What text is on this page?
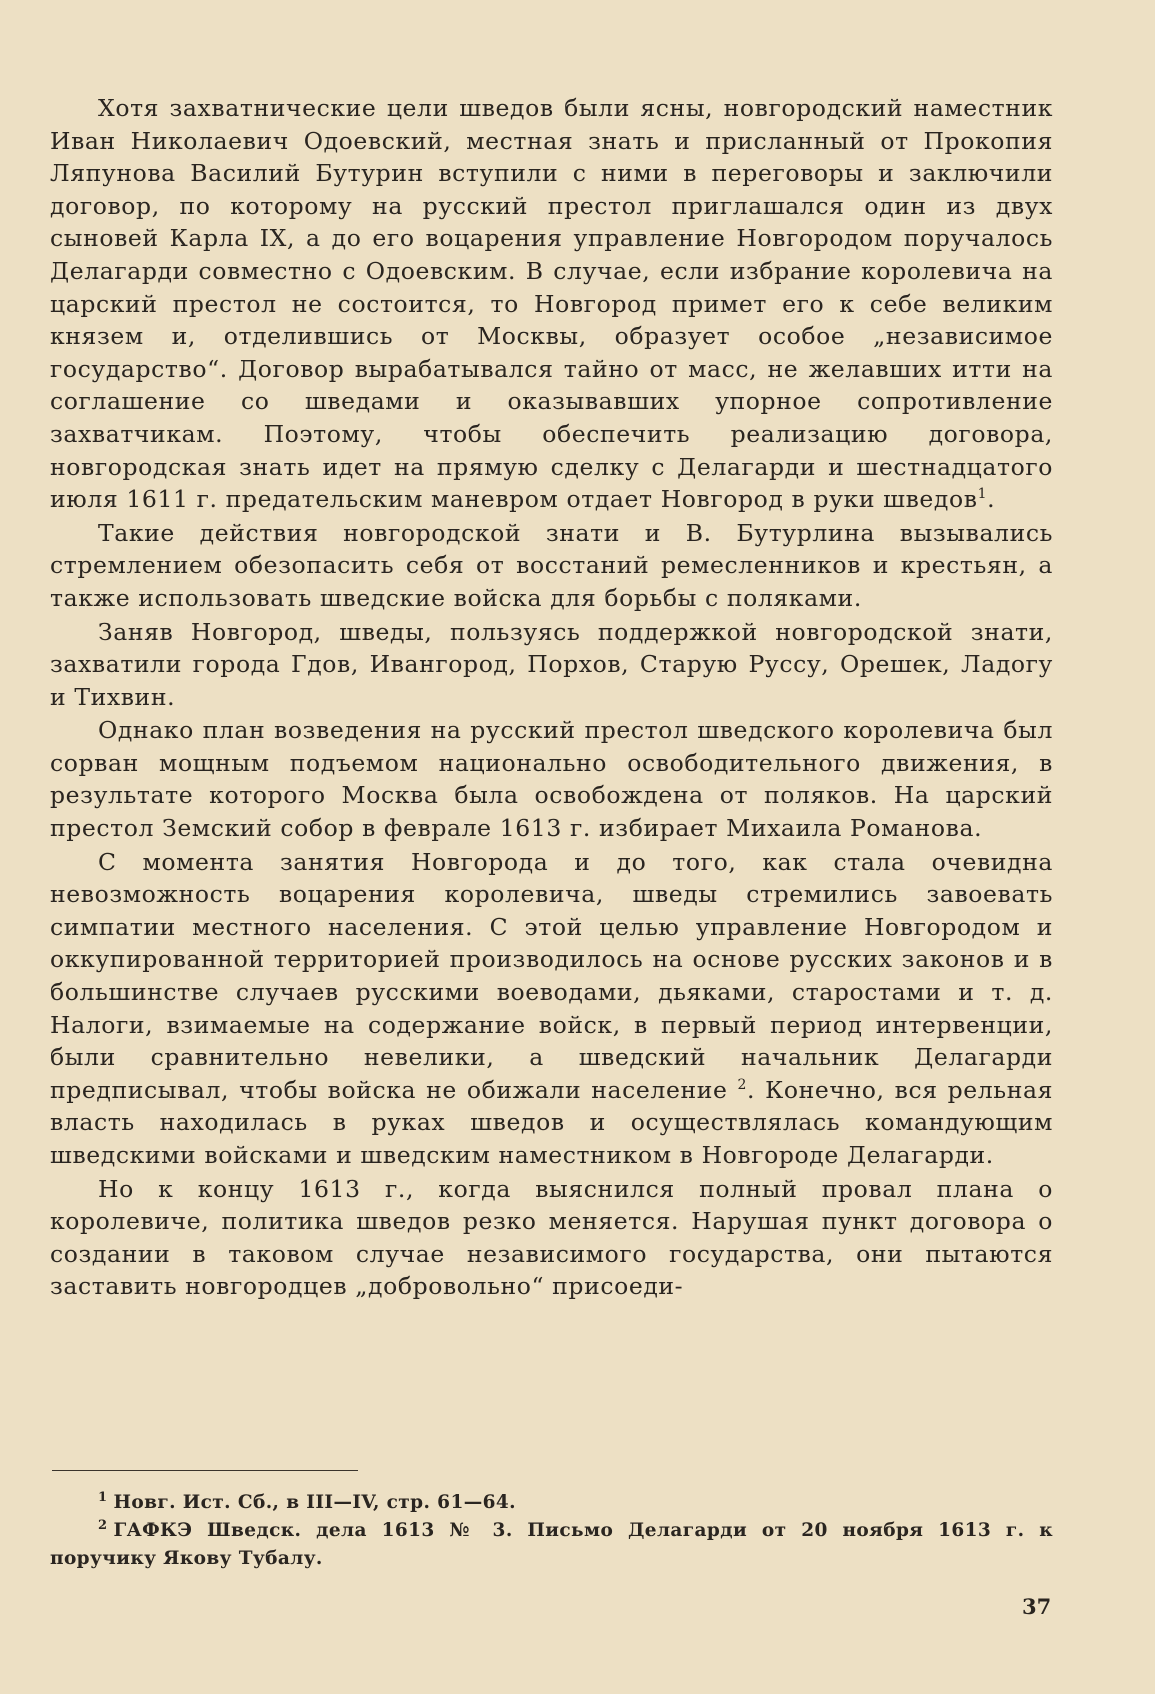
Хотя захватнические цели шведов были ясны, новгородский наместник Иван Николаевич Одоевский, местная знать и присланный от Прокопия Ляпунова Василий Бутурин вступили с ними в переговоры и заключили договор, по которому на русский престол приглашался один из двух сыновей Карла IX, а до его воцарения управление Новгородом поручалось Делагарди совместно с Одоевским. В случае, если избрание королевича на царский престол не состоится, то Новгород примет его к себе великим князем и, отделившись от Москвы, образует особое „независимое государство“. Договор вырабатывался тайно от масс, не желавших итти на соглашение со шведами и оказывавших упорное сопротивление захватчикам. Поэтому, чтобы обеспечить реализацию договора, новгородская знать идет на прямую сделку с Делагарди и шестнадцатого июля 1611 г. предательским маневром отдает Новгород в руки шведов$^1$.

Такие действия новгородской знати и В. Бутурлина вызывались стремлением обезопасить себя от восстаний ремесленников и крестьян, а также использовать шведские войска для борьбы с поляками.

Заняв Новгород, шведы, пользуясь поддержкой новгородской знати, захватили города Гдов, Ивангород, Порхов, Старую Руссу, Орешек, Ладогу и Тихвин.

Однако план возведения на русский престол шведского королевича был сорван мощным подъемом национально освободительного движения, в результате которого Москва была освобождена от поляков. На царский престол Земский собор в феврале 1613 г. избирает Михаила Романова.

С момента занятия Новгорода и до того, как стала очевидна невозможность воцарения королевича, шведы стремились завоевать симпатии местного населения. С этой целью управление Новгородом и оккупированной территорией производилось на основе русских законов и в большинстве случаев русскими воеводами, дьяками, старостами и т. д. Налоги, взимаемые на содержание войск, в первый период интервенции, были сравнительно невелики, а шведский начальник Делагарди предписывал, чтобы войска не обижали население $^2$. Конечно, вся рельная власть находилась в руках шведов и осуществлялась командующим шведскими войсками и шведским наместником в Новгороде Делагарди.

Но к концу 1613 г., когда выяснился полный провал плана о королевиче, политика шведов резко меняется. Нарушая пункт договора о создании в таковом случае независимого государства, они пытаются заставить новгородцев „добровольно“ присоеди-

$^1$ Новг. Ист. Сб., в III—IV, стр. 61—64.

$^2$ ГАФКЭ Шведск. дела 1613 № 3. Письмо Делагарди от 20 ноября 1613 г. к поручику Якову Тубалу.

37
